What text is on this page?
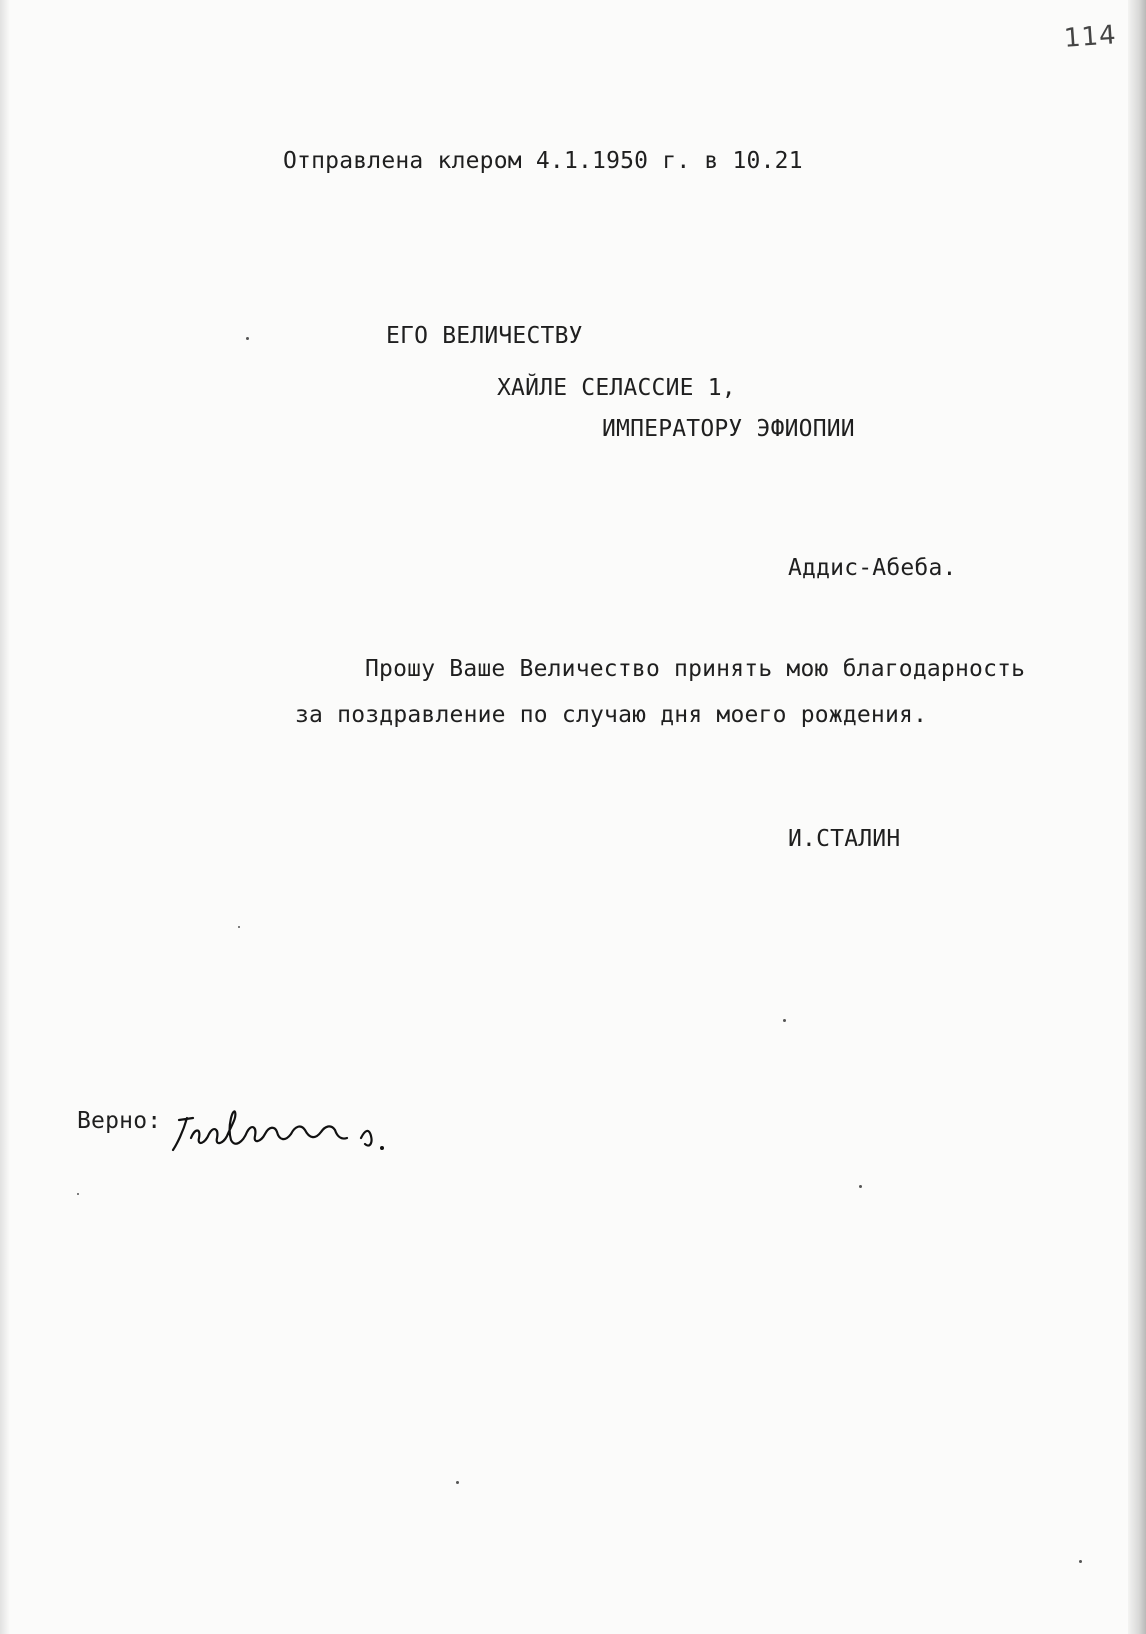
114
Отправлена клером 4.1.1950 г. в 10.21
ЕГО ВЕЛИЧЕСТВУ
ХАЙЛЕ СЕЛАССИЕ 1,
ИМПЕРАТОРУ ЭФИОПИИ
Аддис-Абеба.
Прошу Ваше Величество принять мою благодарность
за поздравление по случаю дня моего рождения.
И.СТАЛИН
Верно:
